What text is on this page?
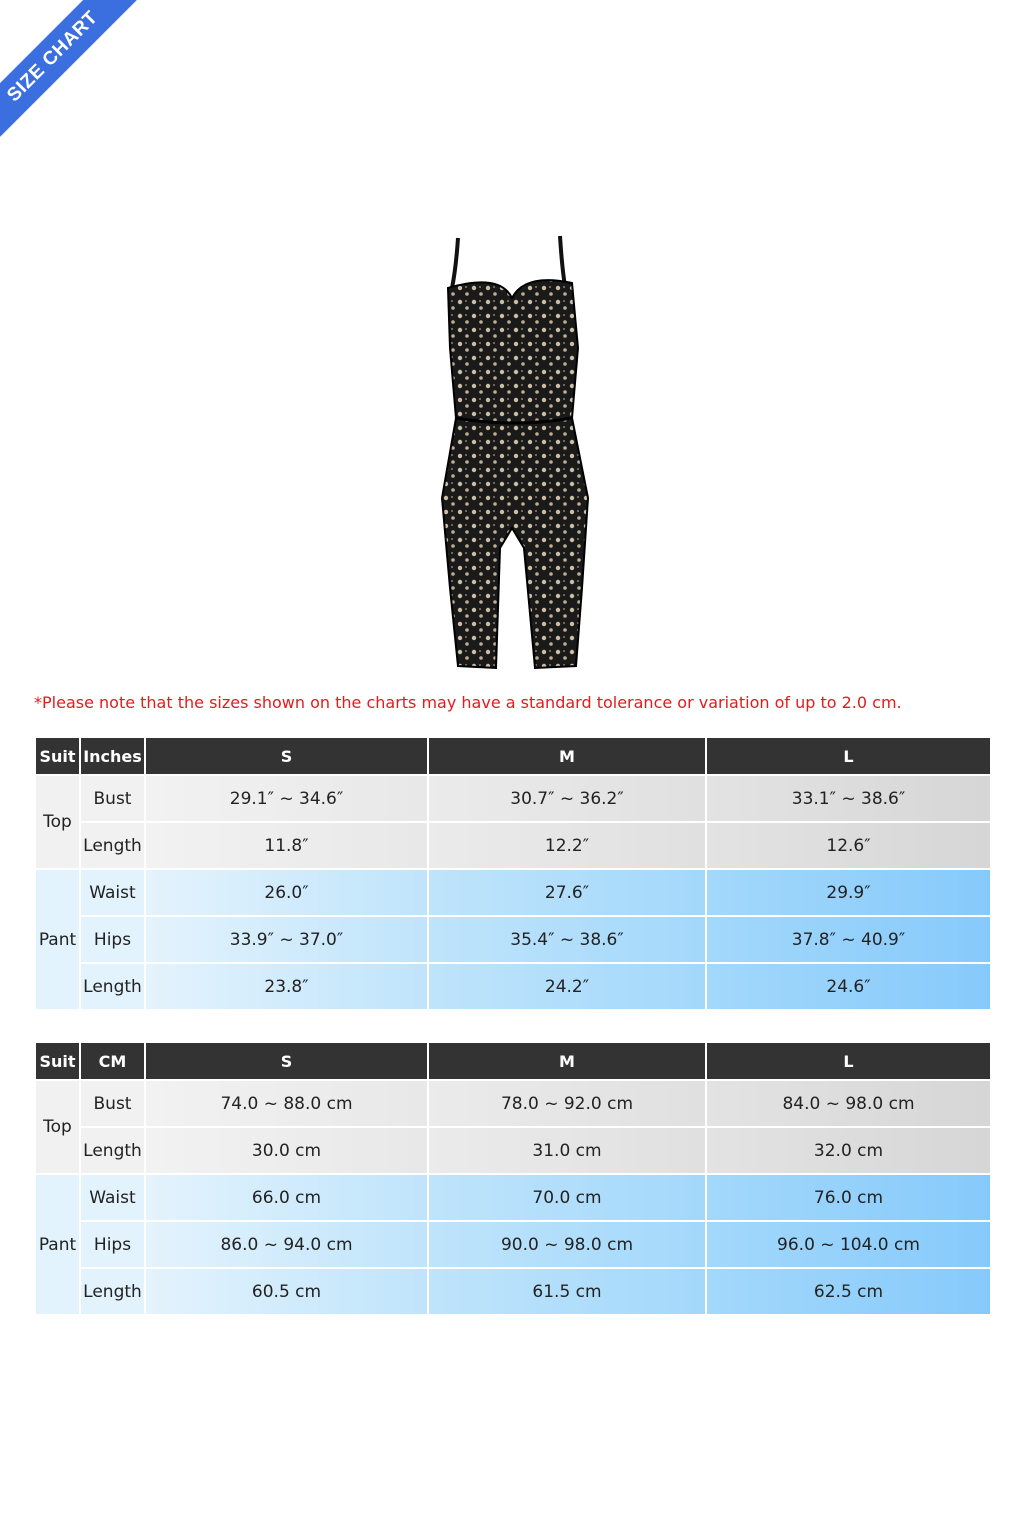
SIZE CHART
*Please note that the sizes shown on the charts may have a standard tolerance or variation of up to 2.0 cm.
Suit	Inches	S	M	L
Top	Bust	29.1″ ~ 34.6″	30.7″ ~ 36.2″	33.1″ ~ 38.6″
	Length	11.8″	12.2″	12.6″
Pant	Waist	26.0″	27.6″	29.9″
	Hips	33.9″ ~ 37.0″	35.4″ ~ 38.6″	37.8″ ~ 40.9″
	Length	23.8″	24.2″	24.6″
Suit	CM	S	M	L
Top	Bust	74.0 ~ 88.0 cm	78.0 ~ 92.0 cm	84.0 ~ 98.0 cm
	Length	30.0 cm	31.0 cm	32.0 cm
Pant	Waist	66.0 cm	70.0 cm	76.0 cm
	Hips	86.0 ~ 94.0 cm	90.0 ~ 98.0 cm	96.0 ~ 104.0 cm
	Length	60.5 cm	61.5 cm	62.5 cm
